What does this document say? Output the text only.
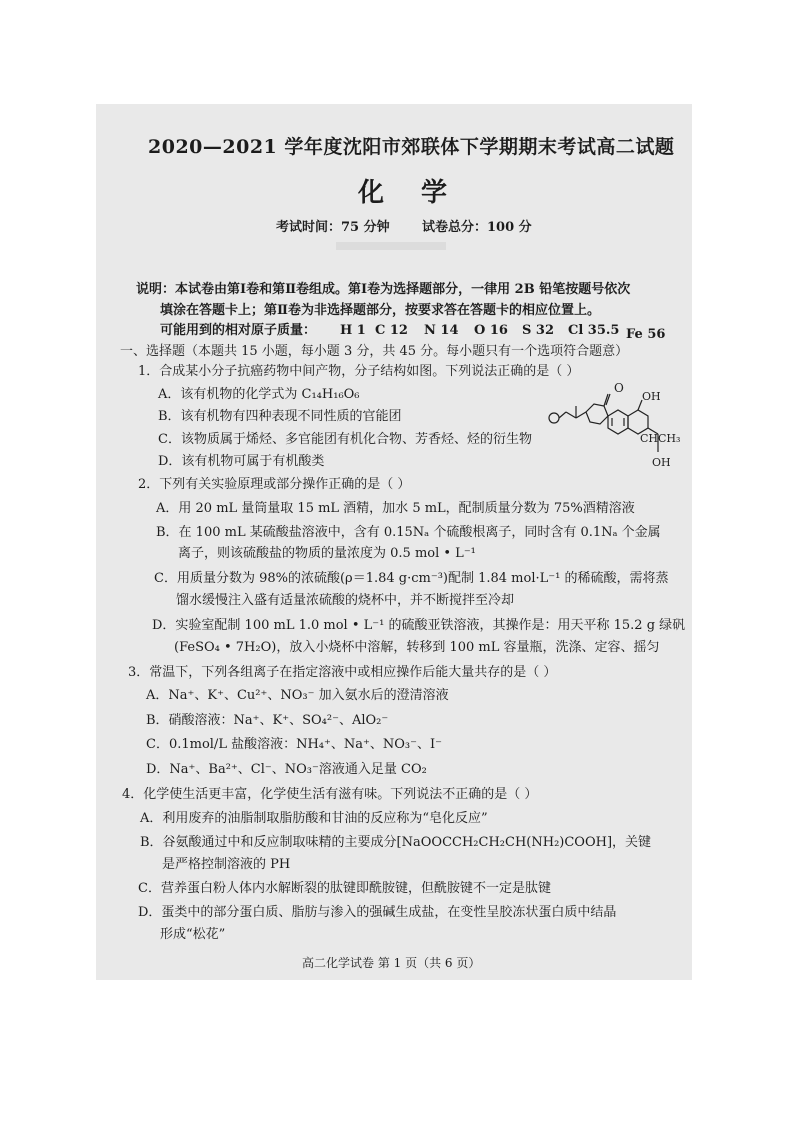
2020—2021 学年度沈阳市郊联体下学期期末考试高二试题
化 学
考试时间：75 分钟 试卷总分：100 分
说明：本试卷由第Ⅰ卷和第Ⅱ卷组成。第Ⅰ卷为选择题部分，一律用 2B 铅笔按题号依次
填涂在答题卡上；第Ⅱ卷为非选择题部分，按要求答在答题卡的相应位置上。
可能用到的相对原子质量： H 1 C 12 N 14 O 16 S 32 Cl 35.5 Fe 56
一、选择题（本题共 15 小题，每小题 3 分，共 45 分。每小题只有一个选项符合题意）
1．合成某小分子抗癌药物中间产物，分子结构如图。下列说法正确的是（ ）
A．该有机物的化学式为 C₁₄H₁₆O₆
B．该有机物有四种表现不同性质的官能团
C．该物质属于烯烃、多官能团有机化合物、芳香烃、烃的衍生物
D．该有机物可属于有机酸类
O
OH
CHCH₃
OH
2．下列有关实验原理或部分操作正确的是（ ）
A．用 20 mL 量筒量取 15 mL 酒精，加水 5 mL，配制质量分数为 75%酒精溶液
B．在 100 mL 某硫酸盐溶液中，含有 0.15Nₐ 个硫酸根离子，同时含有 0.1Nₐ 个金属
离子，则该硫酸盐的物质的量浓度为 0.5 mol • L⁻¹
C．用质量分数为 98%的浓硫酸(ρ＝1.84 g·cm⁻³)配制 1.84 mol·L⁻¹ 的稀硫酸，需将蒸
馏水缓慢注入盛有适量浓硫酸的烧杯中，并不断搅拌至冷却
D．实验室配制 100 mL 1.0 mol • L⁻¹ 的硫酸亚铁溶液，其操作是：用天平称 15.2 g 绿矾
(FeSO₄ • 7H₂O)，放入小烧杯中溶解，转移到 100 mL 容量瓶，洗涤、定容、摇匀
3．常温下，下列各组离子在指定溶液中或相应操作后能大量共存的是（ ）
A．Na⁺、K⁺、Cu²⁺、NO₃⁻ 加入氨水后的澄清溶液
B．硝酸溶液：Na⁺、K⁺、SO₄²⁻、AlO₂⁻
C．0.1mol/L 盐酸溶液：NH₄⁺、Na⁺、NO₃⁻、I⁻
D．Na⁺、Ba²⁺、Cl⁻、NO₃⁻溶液通入足量 CO₂
4．化学使生活更丰富，化学使生活有滋有味。下列说法不正确的是（ ）
A．利用废弃的油脂制取脂肪酸和甘油的反应称为“皂化反应”
B．谷氨酸通过中和反应制取味精的主要成分[NaOOCCH₂CH₂CH(NH₂)COOH]，关键
是严格控制溶液的 PH
C．营养蛋白粉人体内水解断裂的肽键即酰胺键，但酰胺键不一定是肽键
D．蛋类中的部分蛋白质、脂肪与渗入的强碱生成盐，在变性呈胶冻状蛋白质中结晶
形成“松花”
高二化学试卷 第 1 页（共 6 页）
